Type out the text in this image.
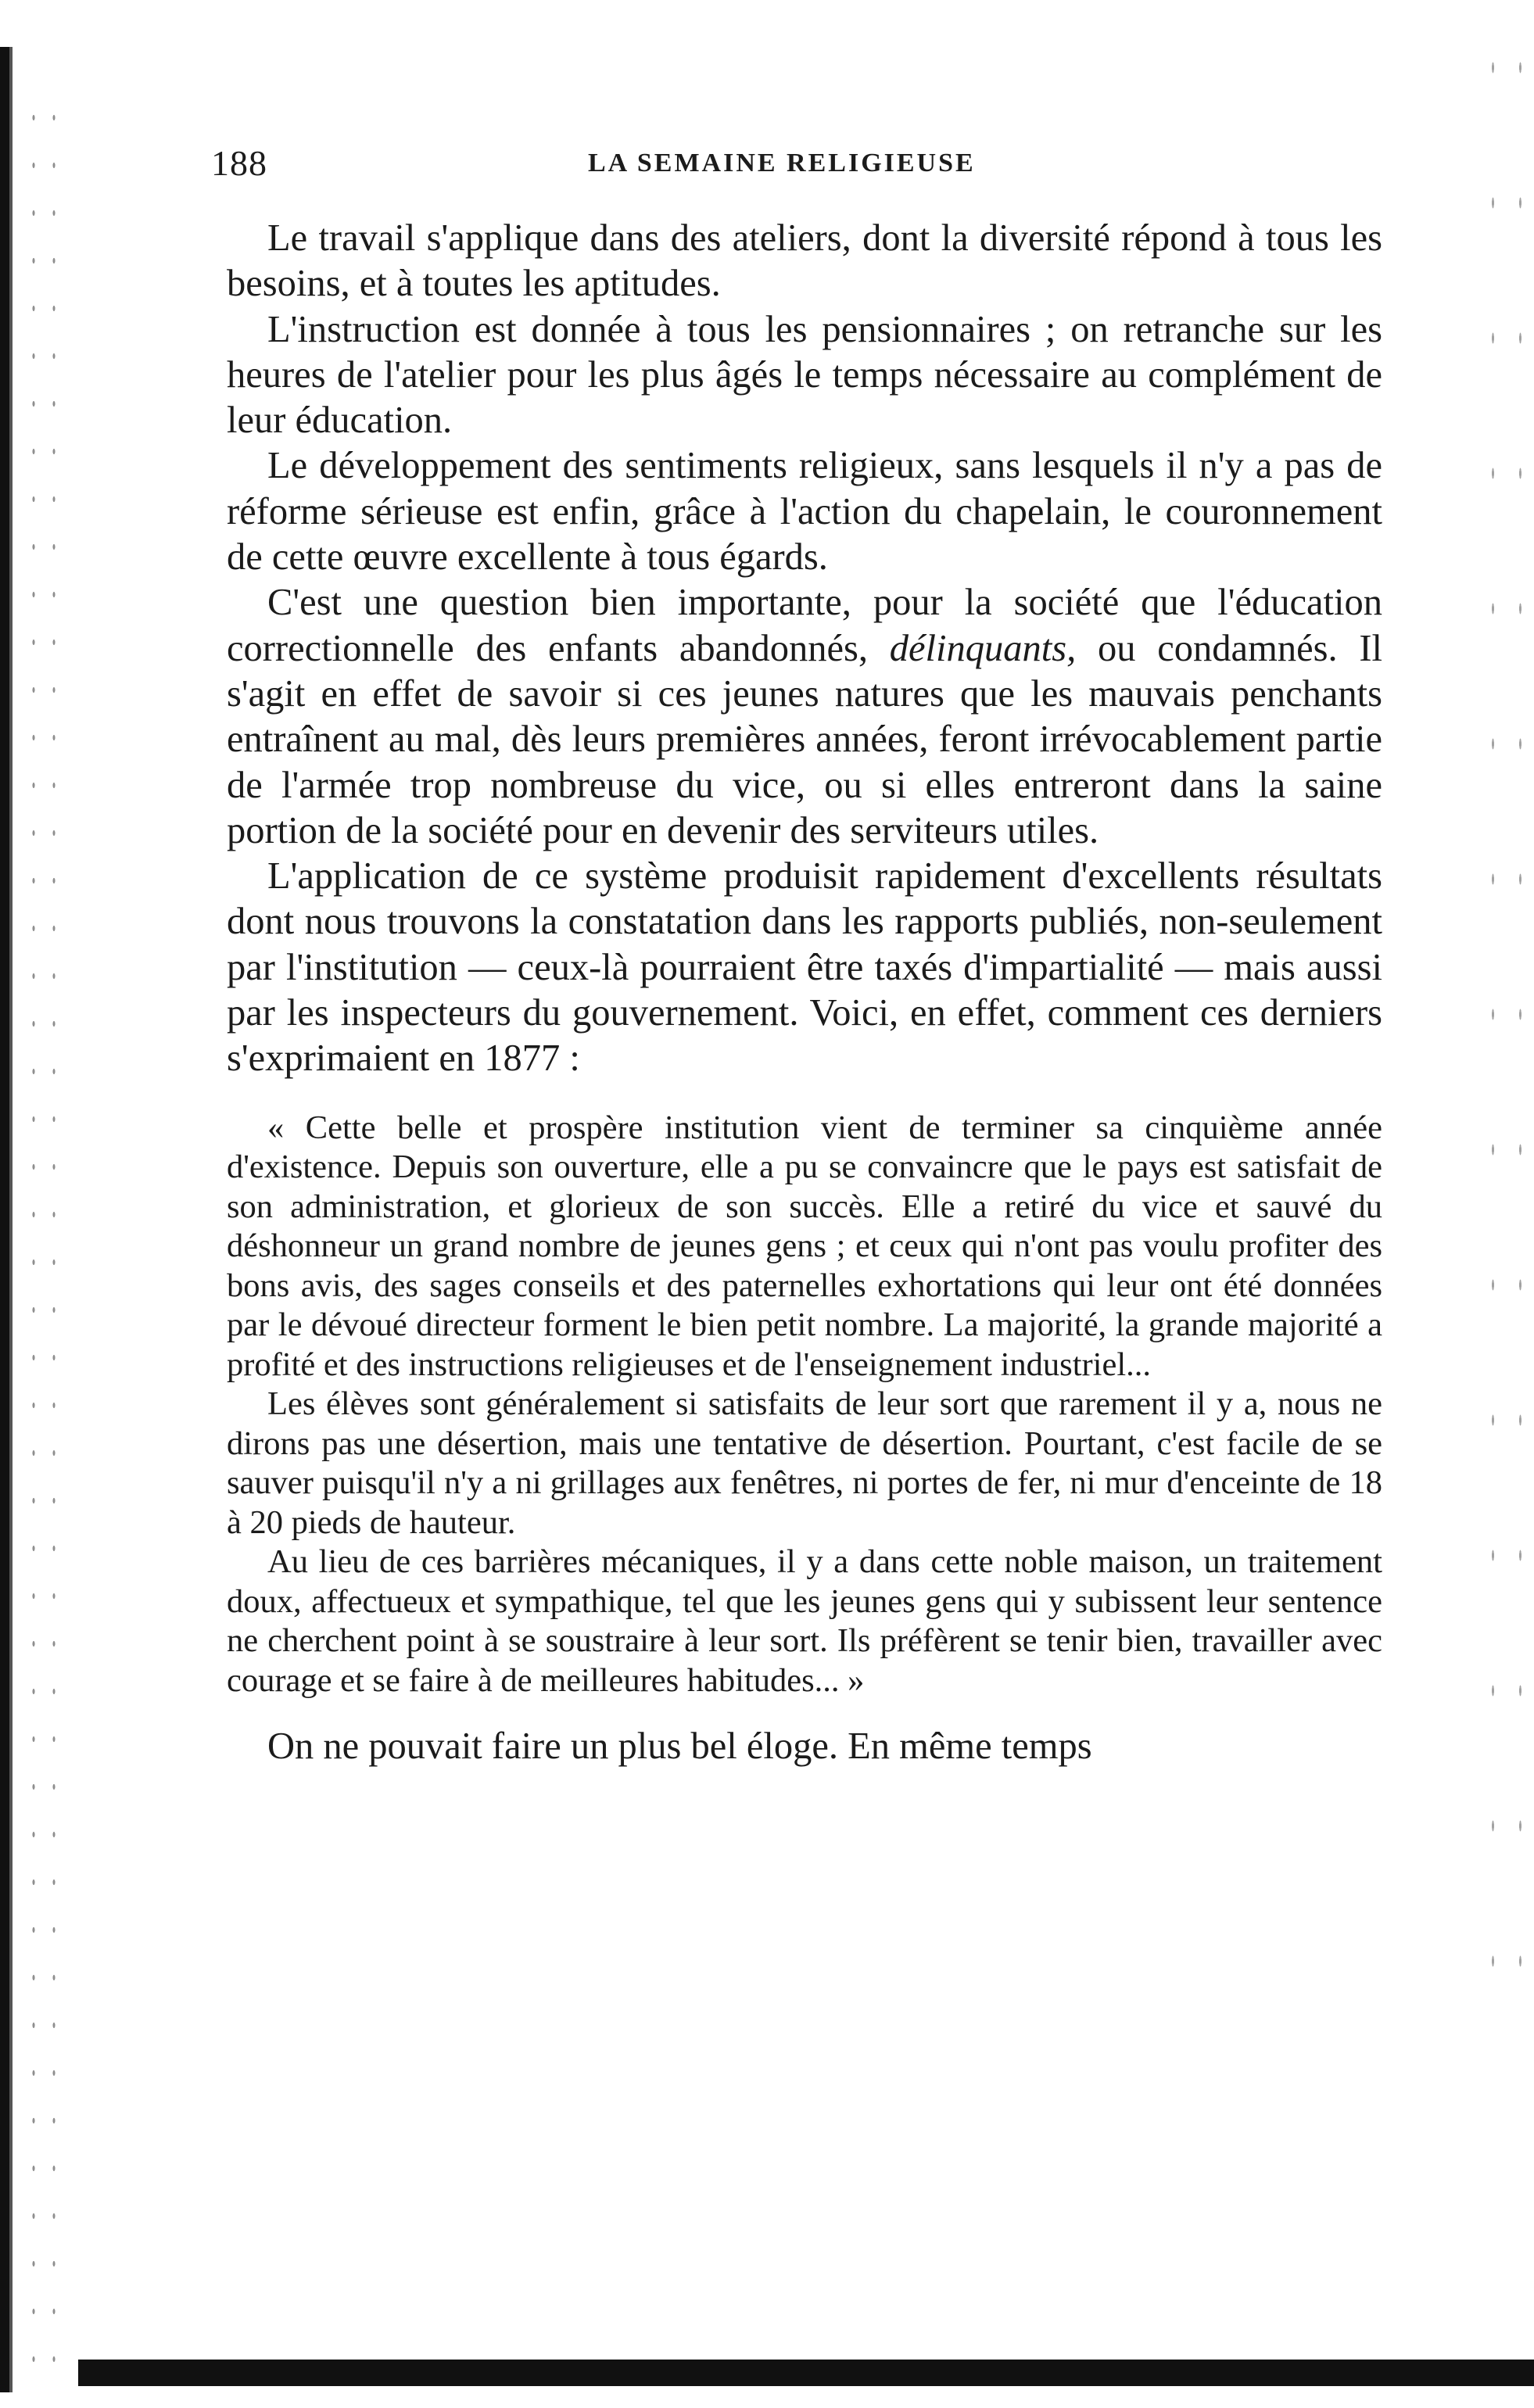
188	LA SEMAINE RELIGIEUSE

Le travail s'applique dans des ateliers, dont la diversité répond à tous les besoins, et à toutes les aptitudes.

L'instruction est donnée à tous les pensionnaires ; on retranche sur les heures de l'atelier pour les plus âgés le temps nécessaire au complément de leur éducation.

Le développement des sentiments religieux, sans lesquels il n'y a pas de réforme sérieuse est enfin, grâce à l'action du chapelain, le couronnement de cette œuvre excellente à tous égards.

C'est une question bien importante, pour la société que l'éducation correctionnelle des enfants abandonnés, délinquants, ou condamnés. Il s'agit en effet de savoir si ces jeunes natures que les mauvais penchants entraînent au mal, dès leurs premières années, feront irrévocablement partie de l'armée trop nombreuse du vice, ou si elles entreront dans la saine portion de la société pour en devenir des serviteurs utiles.

L'application de ce système produisit rapidement d'excellents résultats dont nous trouvons la constatation dans les rapports publiés, non-seulement par l'institution — ceux-là pourraient être taxés d'impartialité — mais aussi par les inspecteurs du gouvernement. Voici, en effet, comment ces derniers s'exprimaient en 1877 :

« Cette belle et prospère institution vient de terminer sa cinquième année d'existence. Depuis son ouverture, elle a pu se convaincre que le pays est satisfait de son administration, et glorieux de son succès. Elle a retiré du vice et sauvé du déshonneur un grand nombre de jeunes gens ; et ceux qui n'ont pas voulu profiter des bons avis, des sages conseils et des paternelles exhortations qui leur ont été données par le dévoué directeur forment le bien petit nombre. La majorité, la grande majorité a profité et des instructions religieuses et de l'enseignement industriel...

Les élèves sont généralement si satisfaits de leur sort que rarement il y a, nous ne dirons pas une désertion, mais une tentative de désertion. Pourtant, c'est facile de se sauver puisqu'il n'y a ni grillages aux fenêtres, ni portes de fer, ni mur d'enceinte de 18 à 20 pieds de hauteur.

Au lieu de ces barrières mécaniques, il y a dans cette noble maison, un traitement doux, affectueux et sympathique, tel que les jeunes gens qui y subissent leur sentence ne cherchent point à se soustraire à leur sort. Ils préfèrent se tenir bien, travailler avec courage et se faire à de meilleures habitudes... »

On ne pouvait faire un plus bel éloge. En même temps
